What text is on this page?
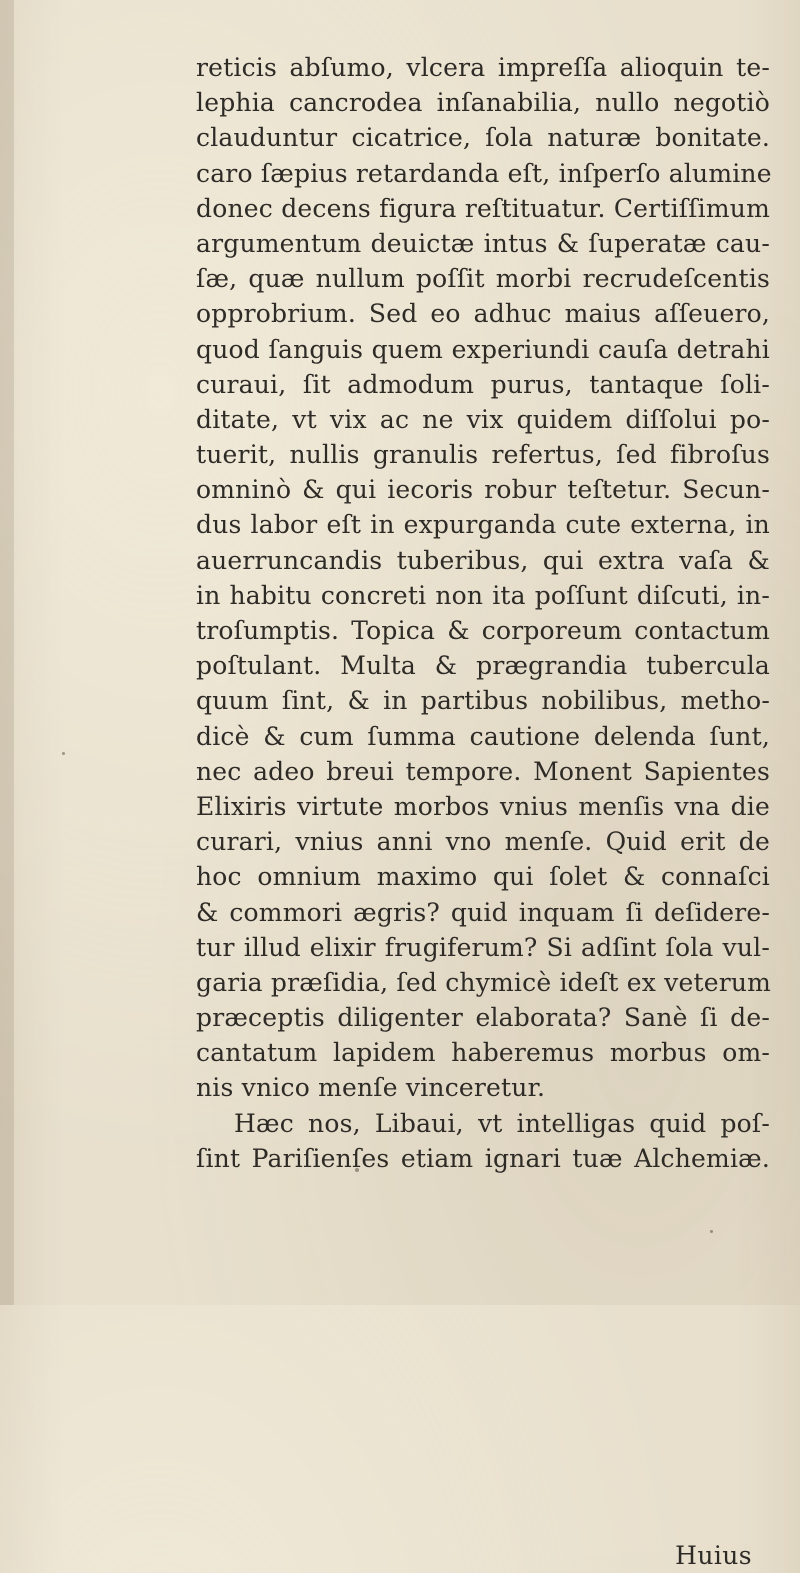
reticis abſumo, vlcera impreſſa alioquin te-
lephia cancrodea inſanabilia, nullo negotiò
clauduntur cicatrice, ſola naturæ bonitate.
caro ſæpius retardanda eſt, inſperſo alumine
donec decens figura reſtituatur. Certiſſimum
argumentum deuictæ intus & ſuperatæ cau-
ſæ, quæ nullum poſſit morbi recrudeſcentis
opprobrium. Sed eo adhuc maius aſſeuero,
quod ſanguis quem experiundi cauſa detrahi
curaui, ſit admodum purus, tantaque ſoli-
ditate, vt vix ac ne vix quidem diſſolui po-
tuerit, nullis granulis refertus, ſed fibroſus
omninò & qui iecoris robur teſtetur. Secun-
dus labor eſt in expurganda cute externa, in
auerruncandis tuberibus, qui extra vaſa &
in habitu concreti non ita poſſunt diſcuti, in-
troſumptis. Topica & corporeum contactum
poſtulant. Multa & prægrandia tubercula
quum ſint, & in partibus nobilibus, metho-
dicè & cum ſumma cautione delenda ſunt,
nec adeo breui tempore. Monent Sapientes
Elixiris virtute morbos vnius menſis vna die
curari, vnius anni vno menſe. Quid erit de
hoc omnium maximo qui ſolet & connaſci
& commori ægris? quid inquam ſi deſidere-
tur illud elixir frugiferum? Si adſint ſola vul-
garia præſidia, ſed chymicè ideſt ex veterum
præceptis diligenter elaborata? Sanè ſi de-
cantatum lapidem haberemus morbus om-
nis vnico menſe vinceretur.
Hæc nos, Libaui, vt intelligas quid poſ-
ſint Pariſienſes etiam ignari tuæ Alchemiæ.
Huius
